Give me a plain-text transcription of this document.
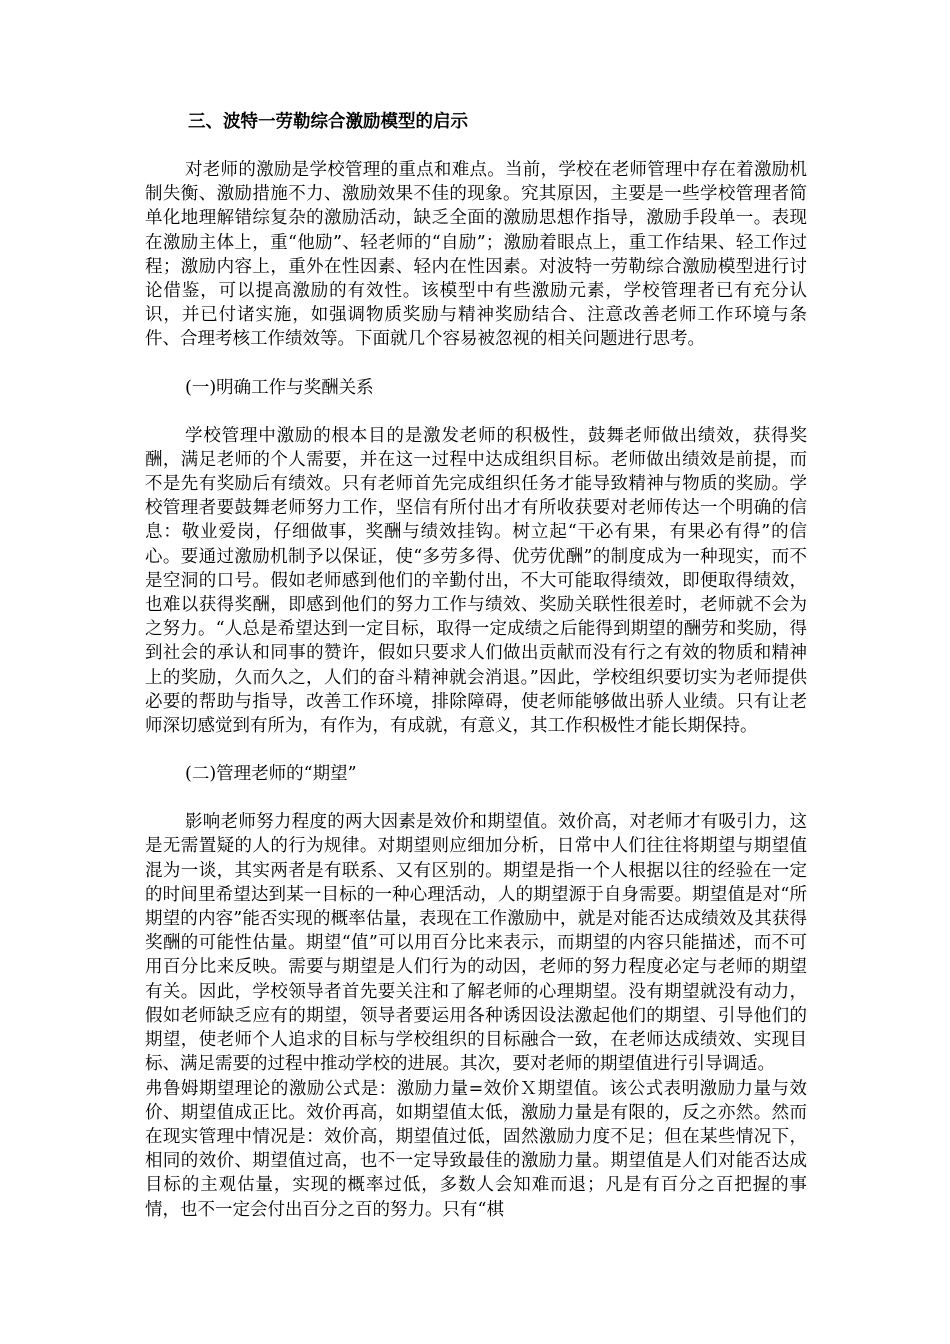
三、波特一劳勒综合激励模型的启示

对老师的激励是学校管理的重点和难点。当前，学校在老师管理中存在着激励机制失衡、激励措施不力、激励效果不佳的现象。究其原因，主要是一些学校管理者简单化地理解错综复杂的激励活动，缺乏全面的激励思想作指导，激励手段单一。表现在激励主体上，重“他励”、轻老师的“自励”；激励着眼点上，重工作结果、轻工作过程；激励内容上，重外在性因素、轻内在性因素。对波特一劳勒综合激励模型进行讨论借鉴，可以提高激励的有效性。该模型中有些激励元素，学校管理者已有充分认识，并已付诸实施，如强调物质奖励与精神奖励结合、注意改善老师工作环境与条件、合理考核工作绩效等。下面就几个容易被忽视的相关问题进行思考。

(一)明确工作与奖酬关系

学校管理中激励的根本目的是激发老师的积极性，鼓舞老师做出绩效，获得奖酬，满足老师的个人需要，并在这一过程中达成组织目标。老师做出绩效是前提，而不是先有奖励后有绩效。只有老师首先完成组织任务才能导致精神与物质的奖励。学校管理者要鼓舞老师努力工作，坚信有所付出才有所收获要对老师传达一个明确的信息：敬业爱岗，仔细做事，奖酬与绩效挂钩。树立起“干必有果，有果必有得”的信心。要通过激励机制予以保证，使“多劳多得、优劳优酬”的制度成为一种现实，而不是空洞的口号。假如老师感到他们的辛勤付出，不大可能取得绩效，即便取得绩效，也难以获得奖酬，即感到他们的努力工作与绩效、奖励关联性很差时，老师就不会为之努力。“人总是希望达到一定目标，取得一定成绩之后能得到期望的酬劳和奖励，得到社会的承认和同事的赞许，假如只要求人们做出贡献而没有行之有效的物质和精神上的奖励，久而久之，人们的奋斗精神就会消退。”因此，学校组织要切实为老师提供必要的帮助与指导，改善工作环境，排除障碍，使老师能够做出骄人业绩。只有让老师深切感觉到有所为，有作为，有成就，有意义，其工作积极性才能长期保持。

(二)管理老师的“期望”

影响老师努力程度的两大因素是效价和期望值。效价高，对老师才有吸引力，这是无需置疑的人的行为规律。对期望则应细加分析，日常中人们往往将期望与期望值混为一谈，其实两者是有联系、又有区别的。期望是指一个人根据以往的经验在一定的时间里希望达到某一目标的一种心理活动，人的期望源于自身需要。期望值是对“所期望的内容”能否实现的概率估量，表现在工作激励中，就是对能否达成绩效及其获得奖酬的可能性估量。期望“值”可以用百分比来表示，而期望的内容只能描述，而不可用百分比来反映。需要与期望是人们行为的动因，老师的努力程度必定与老师的期望有关。因此，学校领导者首先要关注和了解老师的心理期望。没有期望就没有动力，假如老师缺乏应有的期望，领导者要运用各种诱因设法激起他们的期望、引导他们的期望，使老师个人追求的目标与学校组织的目标融合一致，在老师达成绩效、实现目标、满足需要的过程中推动学校的进展。其次，要对老师的期望值进行引导调适。

弗鲁姆期望理论的激励公式是：激励力量=效价Ｘ期望值。该公式表明激励力量与效价、期望值成正比。效价再高，如期望值太低，激励力量是有限的，反之亦然。然而在现实管理中情况是：效价高，期望值过低，固然激励力度不足；但在某些情况下，相同的效价、期望值过高，也不一定导致最佳的激励力量。期望值是人们对能否达成目标的主观估量，实现的概率过低，多数人会知难而退；凡是有百分之百把握的事情，也不一定会付出百分之百的努力。只有“棋
